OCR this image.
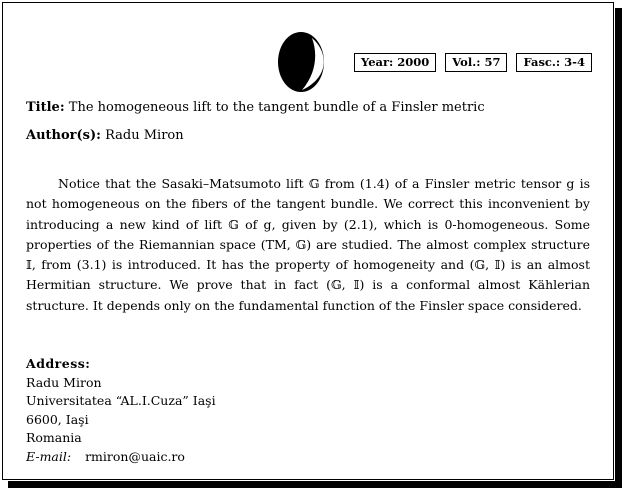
Year: 2000	Vol.: 57	Fasc.: 3-4
Title: The homogeneous lift to the tangent bundle of a Finsler metric
Author(s): Radu Miron

Notice that the Sasaki–Matsumoto lift 𝔾 from (1.4) of a Finsler metric tensor g is not homogeneous on the fibers of the tangent bundle. We correct this inconvenient by introducing a new kind of lift 𝔾 of g, given by (2.1), which is 0-homogeneous. Some properties of the Riemannian space (TM, 𝔾) are studied. The almost complex structure 𝕀, from (3.1) is introduced. It has the property of homogeneity and (𝔾, 𝕀) is an almost Hermitian structure. We prove that in fact (𝔾, 𝕀) is a conformal almost Kählerian structure. It depends only on the fundamental function of the Finsler space considered.

Address:
Radu Miron
Universitatea “AL.I.Cuza” Iaşi
6600, Iaşi
Romania
E-mail: rmiron@uaic.ro
